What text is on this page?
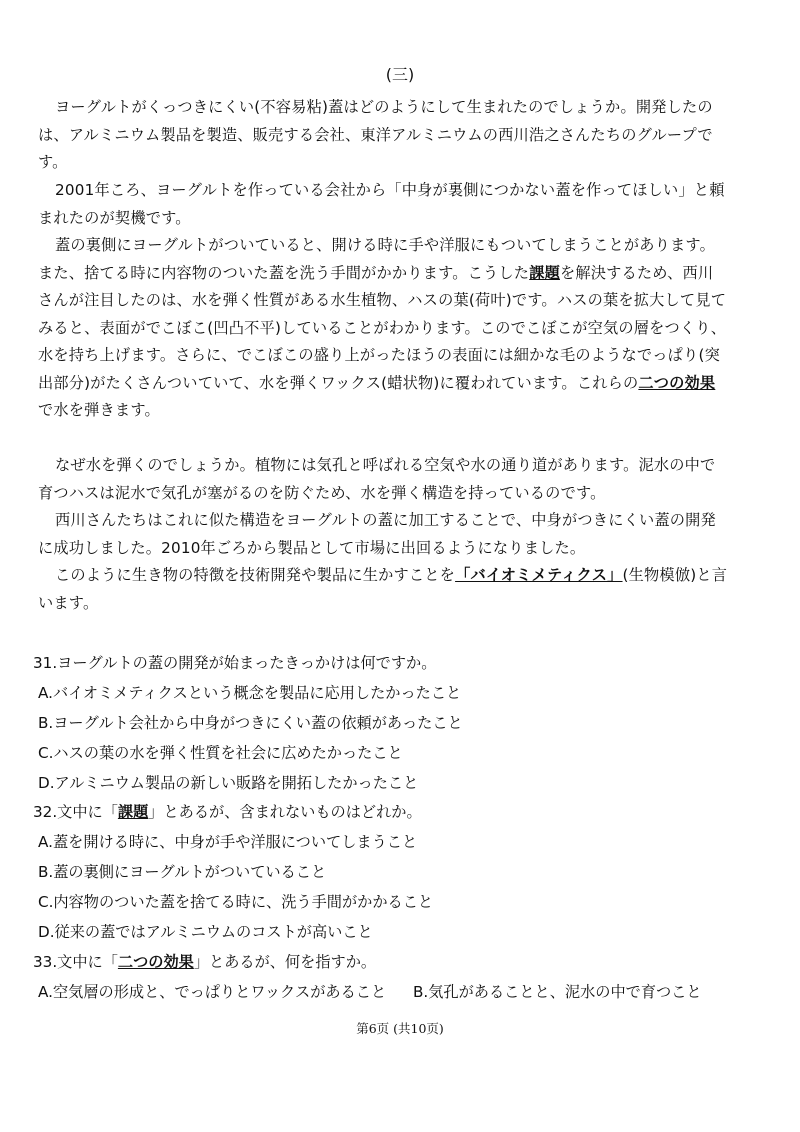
(三)

ヨーグルトがくっつきにくい(不容易粘)蓋はどのようにして生まれたのでしょうか。開発したのは、アルミニウム製品を製造、販売する会社、東洋アルミニウムの西川浩之さんたちのグループです。

2001年ころ、ヨーグルトを作っている会社から「中身が裏側につかない蓋を作ってほしい」と頼まれたのが契機です。

蓋の裏側にヨーグルトがついていると、開ける時に手や洋服にもついてしまうことがあります。また、捨てる時に内容物のついた蓋を洗う手間がかかります。こうした課題を解決するため、西川さんが注目したのは、水を弾く性質がある水生植物、ハスの葉(荷叶)です。ハスの葉を拡大して見てみると、表面がでこぼこ(凹凸不平)していることがわかります。このでこぼこが空気の層をつくり、水を持ち上げます。さらに、でこぼこの盛り上がったほうの表面には細かな毛のようなでっぱり(突出部分)がたくさんついていて、水を弾くワックス(蜡状物)に覆われています。これらの二つの効果で水を弾きます。

なぜ水を弾くのでしょうか。植物には気孔と呼ばれる空気や水の通り道があります。泥水の中で育つハスは泥水で気孔が塞がるのを防ぐため、水を弾く構造を持っているのです。

西川さんたちはこれに似た構造をヨーグルトの蓋に加工することで、中身がつきにくい蓋の開発に成功しました。2010年ごろから製品として市場に出回るようになりました。

このように生き物の特徴を技術開発や製品に生かすことを「バイオミメティクス」(生物模倣)と言います。

31.ヨーグルトの蓋の開発が始まったきっかけは何ですか。
A.バイオミメティクスという概念を製品に応用したかったこと
B.ヨーグルト会社から中身がつきにくい蓋の依頼があったこと
C.ハスの葉の水を弾く性質を社会に広めたかったこと
D.アルミニウム製品の新しい販路を開拓したかったこと
32.文中に「課題」とあるが、含まれないものはどれか。
A.蓋を開ける時に、中身が手や洋服についてしまうこと
B.蓋の裏側にヨーグルトがついていること
C.内容物のついた蓋を捨てる時に、洗う手間がかかること
D.従来の蓋ではアルミニウムのコストが高いこと
33.文中に「二つの効果」とあるが、何を指すか。
A.空気層の形成と、でっぱりとワックスがあること B.気孔があることと、泥水の中で育つこと
第6页 (共10页)
